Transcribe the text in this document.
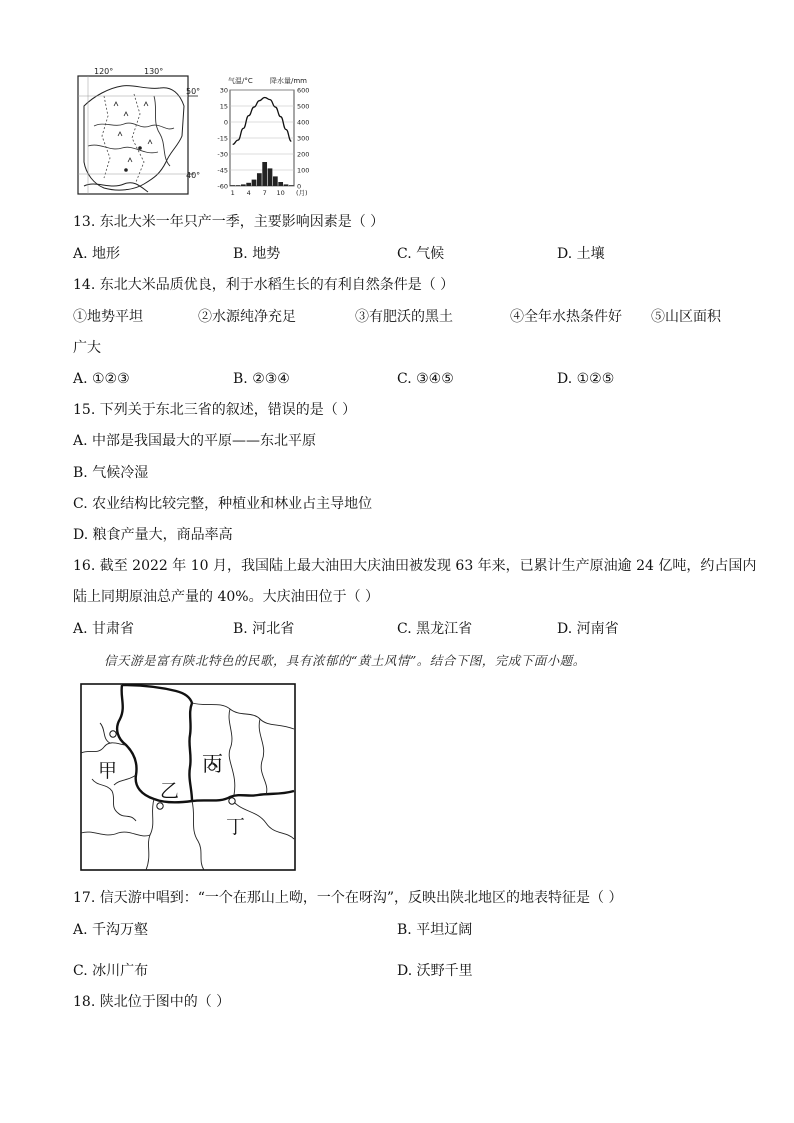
120°	130°
50°
40°
气温/°C 降水量/mm
30
15
0
-15
-30
-45
-60
600
500
400
300
200
100
0
1 4 7 10 (月)
13. 东北大米一年只产一季，主要影响因素是（ ）
A. 地形	B. 地势	C. 气候	D. 土壤
14. 东北大米品质优良，利于水稻生长的有利自然条件是（ ）
①地势平坦	②水源纯净充足	③有肥沃的黑土	④全年水热条件好 ⑤山区面积
广大
A. ①②③	B. ②③④	C. ③④⑤	D. ①②⑤
15. 下列关于东北三省的叙述，错误的是（ ）
A. 中部是我国最大的平原——东北平原
B. 气候冷湿
C. 农业结构比较完整，种植业和林业占主导地位
D. 粮食产量大，商品率高
16. 截至 2022 年 10 月，我国陆上最大油田大庆油田被发现 63 年来，已累计生产原油逾 24 亿吨，约占国内
陆上同期原油总产量的 40%。大庆油田位于（ ）
A. 甘肃省	B. 河北省	C. 黑龙江省	D. 河南省
信天游是富有陕北特色的民歌，具有浓郁的“黄土风情”。结合下图，完成下面小题。
甲
乙
丙
丁
17. 信天游中唱到：“一个在那山上呦，一个在呀沟”，反映出陕北地区的地表特征是（ ）
A. 千沟万壑	B. 平坦辽阔
C. 冰川广布	D. 沃野千里
18. 陕北位于图中的（ ）
